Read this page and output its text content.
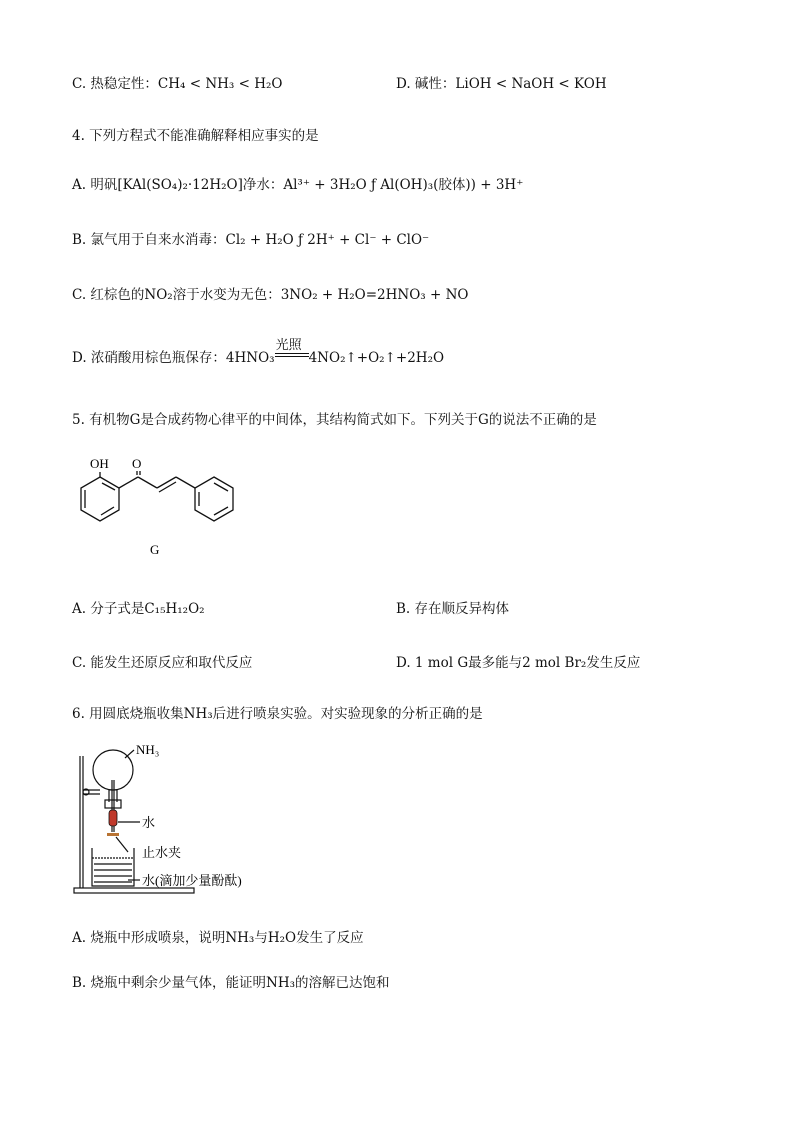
C. 热稳定性：CH₄ < NH₃ < H₂O	D. 碱性：LiOH < NaOH < KOH
4. 下列方程式不能准确解释相应事实的是
A. 明矾[KAl(SO₄)₂·12H₂O]净水：Al³⁺ + 3H₂O ƒ Al(OH)₃(胶体)) + 3H⁺
B. 氯气用于自来水消毒：Cl₂ + H₂O ƒ 2H⁺ + Cl⁻ + ClO⁻
C. 红棕色的NO₂溶于水变为无色：3NO₂ + H₂O=2HNO₃ + NO
D. 浓硝酸用棕色瓶保存：4HNO₃
光照
4NO₂↑+O₂↑+2H₂O
5. 有机物G是合成药物心律平的中间体，其结构简式如下。下列关于G的说法不正确的是
OH O
G
A. 分子式是C₁₅H₁₂O₂	B. 存在顺反异构体
C. 能发生还原反应和取代反应	D. 1 mol G最多能与2 mol Br₂发生反应
6. 用圆底烧瓶收集NH₃后进行喷泉实验。对实验现象的分析正确的是
NH₃
水
止水夹
水(滴加少量酚酞)
A. 烧瓶中形成喷泉，说明NH₃与H₂O发生了反应
B. 烧瓶中剩余少量气体，能证明NH₃的溶解已达饱和
